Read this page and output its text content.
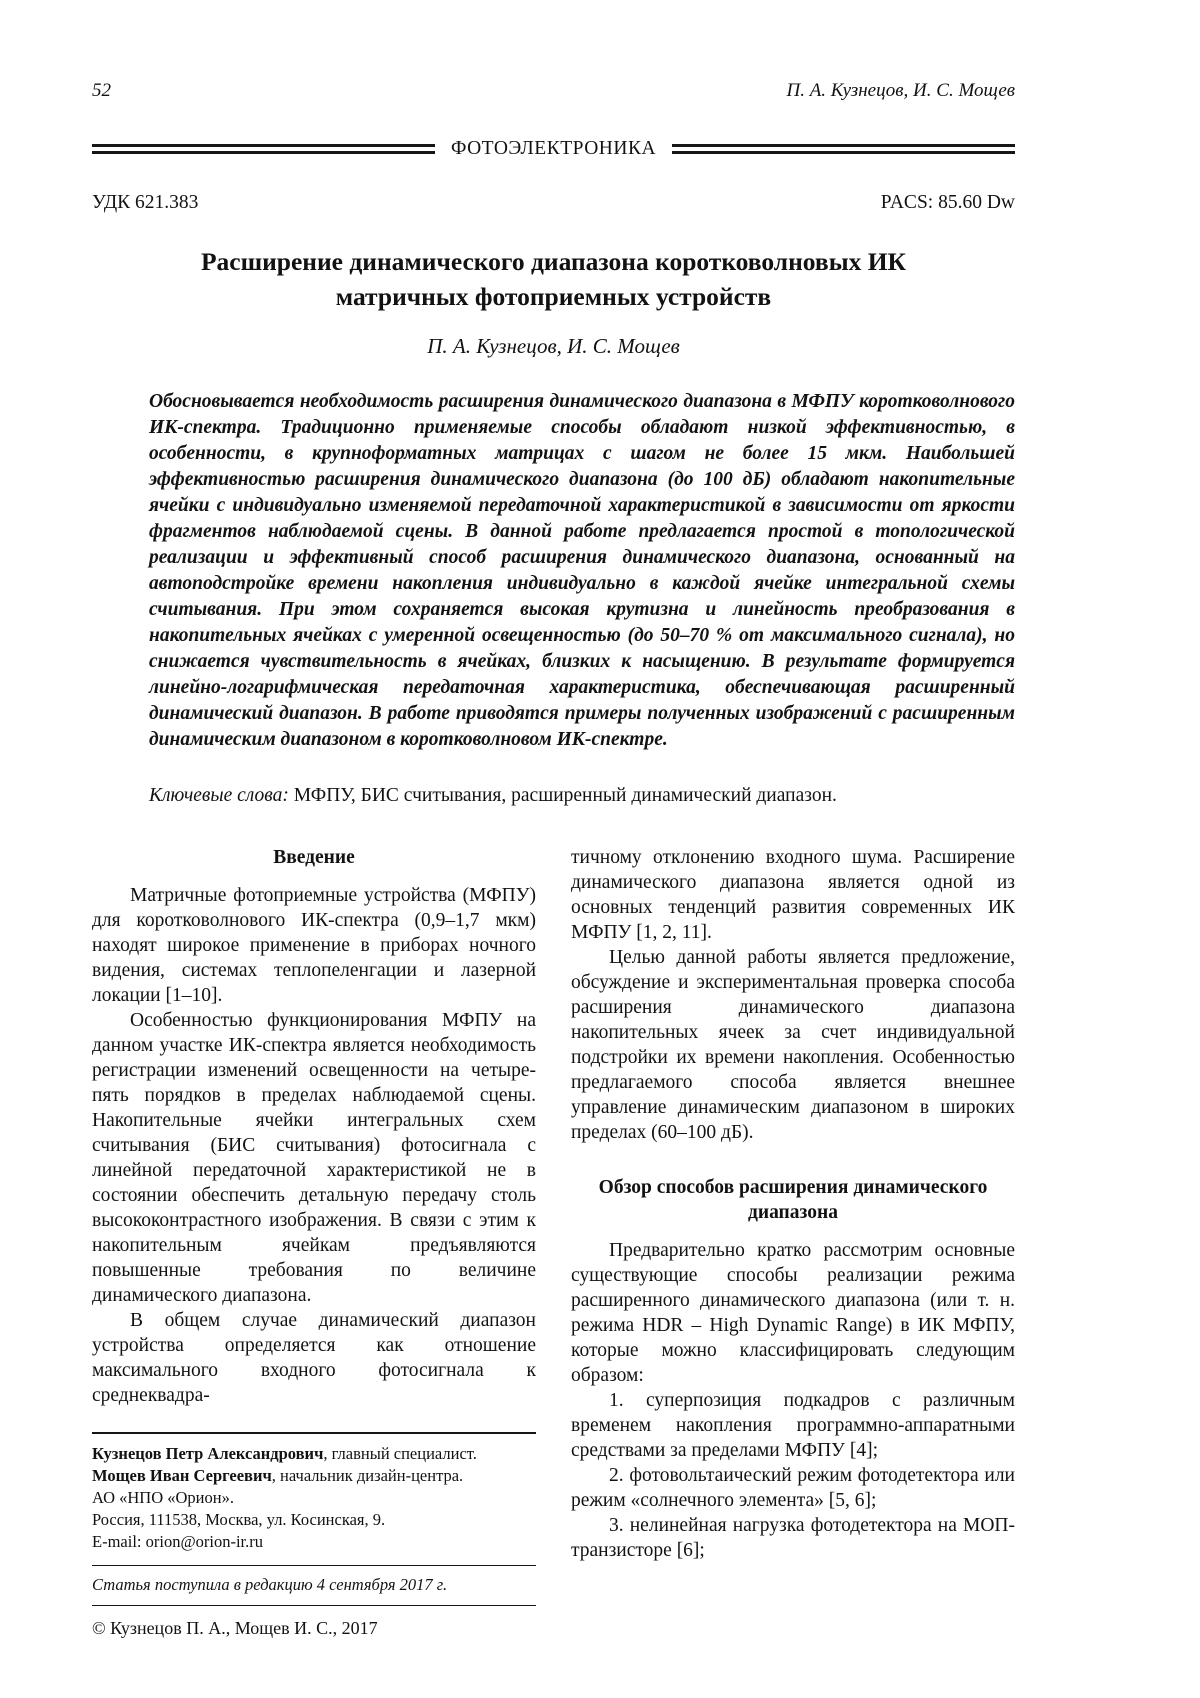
52	П. А. Кузнецов, И. С. Мощев
ФОТОЭЛЕКТРОНИКА
УДК 621.383	PACS: 85.60 Dw
Расширение динамического диапазона коротковолновых ИК матричных фотоприемных устройств
П. А. Кузнецов, И. С. Мощев

Обосновывается необходимость расширения динамического диапазона в МФПУ коротковолнового ИК-спектра. Традиционно применяемые способы обладают низкой эффективностью, в особенности, в крупноформатных матрицах с шагом не более 15 мкм. Наибольшей эффективностью расширения динамического диапазона (до 100 дБ) обладают накопительные ячейки с индивидуально изменяемой передаточной характеристикой в зависимости от яркости фрагментов наблюдаемой сцены. В данной работе предлагается простой в топологической реализации и эффективный способ расширения динамического диапазона, основанный на автоподстройке времени накопления индивидуально в каждой ячейке интегральной схемы считывания. При этом сохраняется высокая крутизна и линейность преобразования в накопительных ячейках с умеренной освещенностью (до 50–70 % от максимального сигнала), но снижается чувствительность в ячейках, близких к насыщению. В результате формируется линейно-логарифмическая передаточная характеристика, обеспечивающая расширенный динамический диапазон. В работе приводятся примеры полученных изображений с расширенным динамическим диапазоном в коротковолновом ИК-спектре.

Ключевые слова: МФПУ, БИС считывания, расширенный динамический диапазон.

Введение

Матричные фотоприемные устройства (МФПУ) для коротковолнового ИК-спектра (0,9–1,7 мкм) находят широкое применение в приборах ночного видения, системах теплопеленгации и лазерной локации [1–10].

Особенностью функционирования МФПУ на данном участке ИК-спектра является необходимость регистрации изменений освещенности на четыре-пять порядков в пределах наблюдаемой сцены. Накопительные ячейки интегральных схем считывания (БИС считывания) фотосигнала с линейной передаточной характеристикой не в состоянии обеспечить детальную передачу столь высококонтрастного изображения. В связи с этим к накопительным ячейкам предъявляются повышенные требования по величине динамического диапазона.

В общем случае динамический диапазон устройства определяется как отношение максимального входного фотосигнала к среднеквадра-

Кузнецов Петр Александрович, главный специалист.

Мощев Иван Сергеевич, начальник дизайн-центра.

АО «НПО «Орион».

Россия, 111538, Москва, ул. Косинская, 9.

E-mail: orion@orion-ir.ru

Статья поступила в редакцию 4 сентября 2017 г.
© Кузнецов П. А., Мощев И. С., 2017

тичному отклонению входного шума. Расширение динамического диапазона является одной из основных тенденций развития современных ИК МФПУ [1, 2, 11].

Целью данной работы является предложение, обсуждение и экспериментальная проверка способа расширения динамического диапазона накопительных ячеек за счет индивидуальной подстройки их времени накопления. Особенностью предлагаемого способа является внешнее управление динамическим диапазоном в широких пределах (60–100 дБ).

Обзор способов расширения динамического диапазона

Предварительно кратко рассмотрим основные существующие способы реализации режима расширенного динамического диапазона (или т. н. режима HDR – High Dynamic Range) в ИК МФПУ, которые можно классифицировать следующим образом:

1. суперпозиция подкадров с различным временем накопления программно-аппаратными средствами за пределами МФПУ [4];

2. фотовольтаический режим фотодетектора или режим «солнечного элемента» [5, 6];

3. нелинейная нагрузка фотодетектора на МОП-транзисторе [6];
